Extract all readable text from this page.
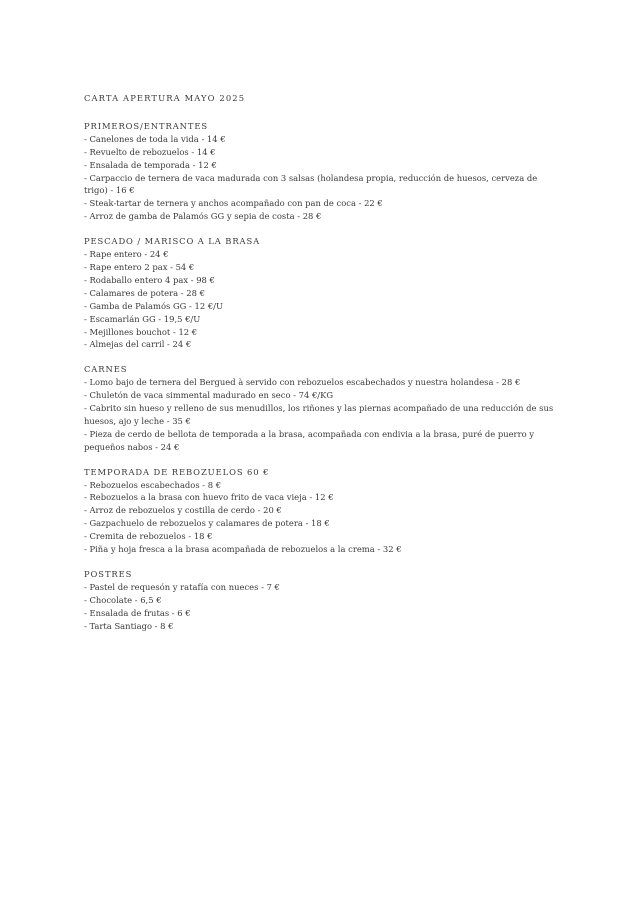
CARTA APERTURA MAYO 2025
PRIMEROS/ENTRANTES
- Canelones de toda la vida - 14 €
- Revuelto de rebozuelos - 14 €
- Ensalada de temporada - 12 €
- Carpaccio de ternera de vaca madurada con 3 salsas (holandesa propia, reducción de huesos, cerveza de trigo) - 16 €
- Steak-tartar de ternera y anchos acompañado con pan de coca - 22 €
- Arroz de gamba de Palamós GG y sepia de costa - 28 €
PESCADO / MARISCO A LA BRASA
- Rape entero - 24 €
- Rape entero 2 pax - 54 €
- Rodaballo entero 4 pax - 98 €
- Calamares de potera - 28 €
- Gamba de Palamós GG - 12 €/U
- Escamarlán GG - 19,5 €/U
- Mejillones bouchot - 12 €
- Almejas del carril - 24 €
CARNES
- Lomo bajo de ternera del Bergued à servido con rebozuelos escabechados y nuestra holandesa - 28 €
- Chuletón de vaca simmental madurado en seco - 74 €/KG
- Cabrito sin hueso y relleno de sus menudillos, los riñones y las piernas acompañado de una reducción de sus huesos, ajo y leche - 35 €
- Pieza de cerdo de bellota de temporada a la brasa, acompañada con endivia a la brasa, puré de puerro y pequeños nabos - 24 €
TEMPORADA DE REBOZUELOS 60 €
- Rebozuelos escabechados - 8 €
- Rebozuelos a la brasa con huevo frito de vaca vieja - 12 €
- Arroz de rebozuelos y costilla de cerdo - 20 €
- Gazpachuelo de rebozuelos y calamares de potera - 18 €
- Cremita de rebozuelos - 18 €
- Piña y hoja fresca a la brasa acompañada de rebozuelos a la crema - 32 €
POSTRES
- Pastel de requesón y ratafía con nueces - 7 €
- Chocolate - 6,5 €
- Ensalada de frutas - 6 €
- Tarta Santiago - 8 €
